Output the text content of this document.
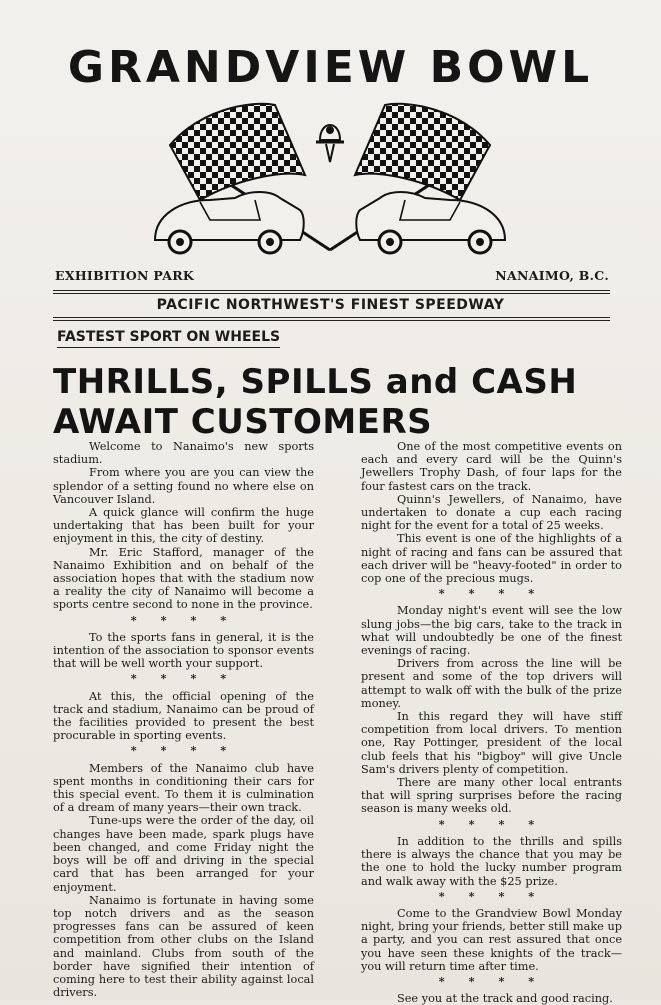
GRANDVIEW BOWL
EXHIBITION PARK	NANAIMO, B.C.
PACIFIC NORTHWEST'S FINEST SPEEDWAY
FASTEST SPORT ON WHEELS
THRILLS, SPILLS and CASH
AWAIT CUSTOMERS

Welcome to Nanaimo's new sports stadium.

From where you are you can view the splendor of a setting found no where else on Vancouver Island.

A quick glance will confirm the huge undertaking that has been built for your enjoyment in this, the city of destiny.

Mr. Eric Stafford, manager of the Nanaimo Exhibition and on behalf of the association hopes that with the stadium now a reality the city of Nanaimo will become a sports centre second to none in the province.

* * * *

To the sports fans in general, it is the intention of the association to sponsor events that will be well worth your support.

* * * *

At this, the official opening of the track and stadium, Nanaimo can be proud of the facilities provided to present the best procurable in sporting events.

* * * *

Members of the Nanaimo club have spent months in conditioning their cars for this special event. To them it is culmination of a dream of many years—their own track.

Tune-ups were the order of the day, oil changes have been made, spark plugs have been changed, and come Friday night the boys will be off and driving in the special card that has been arranged for your enjoyment.

Nanaimo is fortunate in having some top notch drivers and as the season progresses fans can be assured of keen competition from other clubs on the Island and mainland. Clubs from south of the border have signified their intention of coming here to test their ability against local drivers.

One of the most competitive events on each and every card will be the Quinn's Jewellers Trophy Dash, of four laps for the four fastest cars on the track.

Quinn's Jewellers, of Nanaimo, have undertaken to donate a cup each racing night for the event for a total of 25 weeks.

This event is one of the highlights of a night of racing and fans can be assured that each driver will be "heavy-footed" in order to cop one of the precious mugs.

* * * *

Monday night's event will see the low slung jobs—the big cars, take to the track in what will undoubtedly be one of the finest evenings of racing.

Drivers from across the line will be present and some of the top drivers will attempt to walk off with the bulk of the prize money.

In this regard they will have stiff competition from local drivers. To mention one, Ray Pottinger, president of the local club feels that his "bigboy" will give Uncle Sam's drivers plenty of competition.

There are many other local entrants that will spring surprises before the racing season is many weeks old.

* * * *

In addition to the thrills and spills there is always the chance that you may be the one to hold the lucky number program and walk away with the $25 prize.

* * * *

Come to the Grandview Bowl Monday night, bring your friends, better still make up a party, and you can rest assured that once you have seen these knights of the track—you will return time after time.

* * * *

See you at the track and good racing.
